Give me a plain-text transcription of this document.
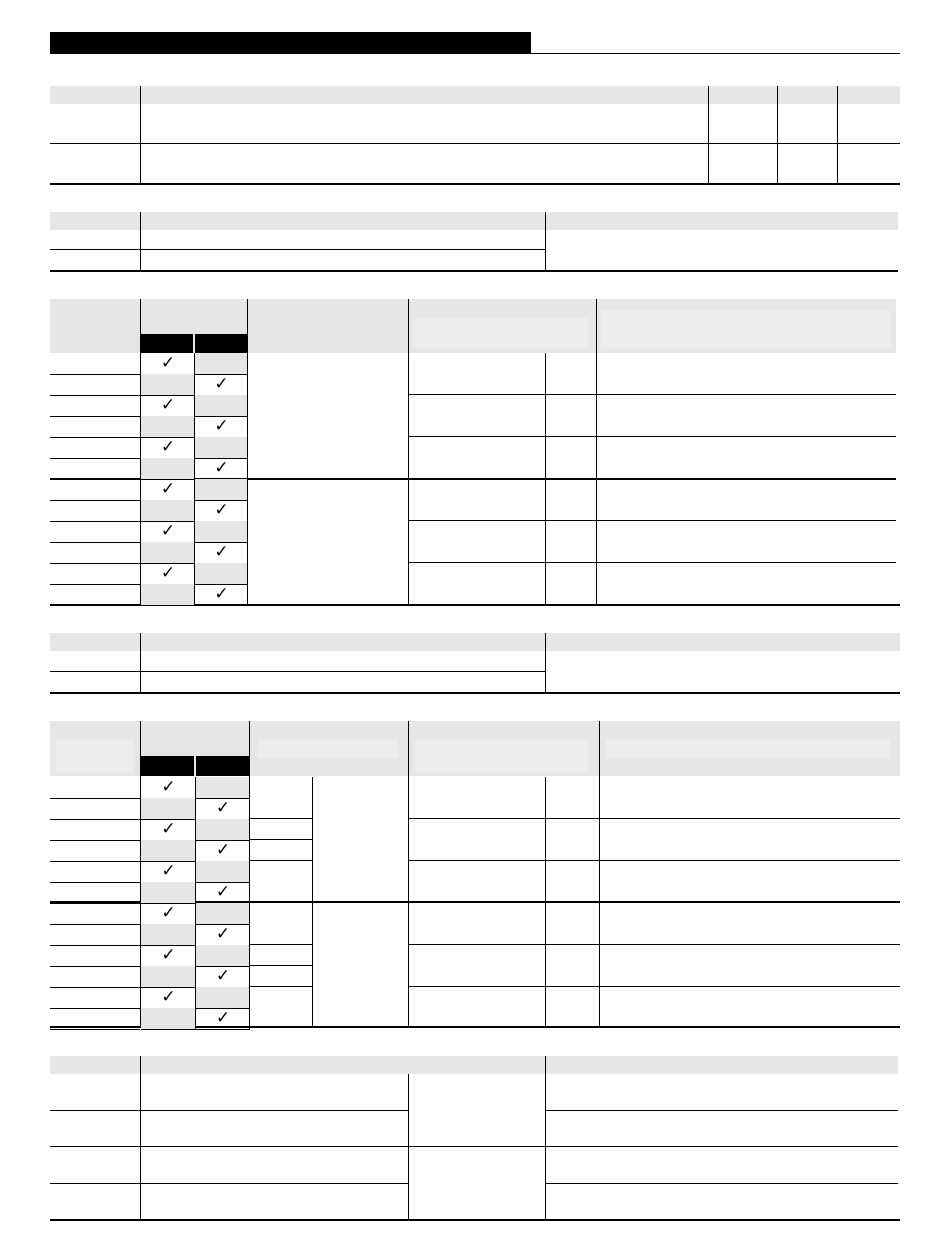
✓
✓
✓
✓
✓
✓
✓
✓
✓
✓
✓
✓
✓
✓
✓
✓
✓
✓
✓
✓
✓
✓
✓
✓
